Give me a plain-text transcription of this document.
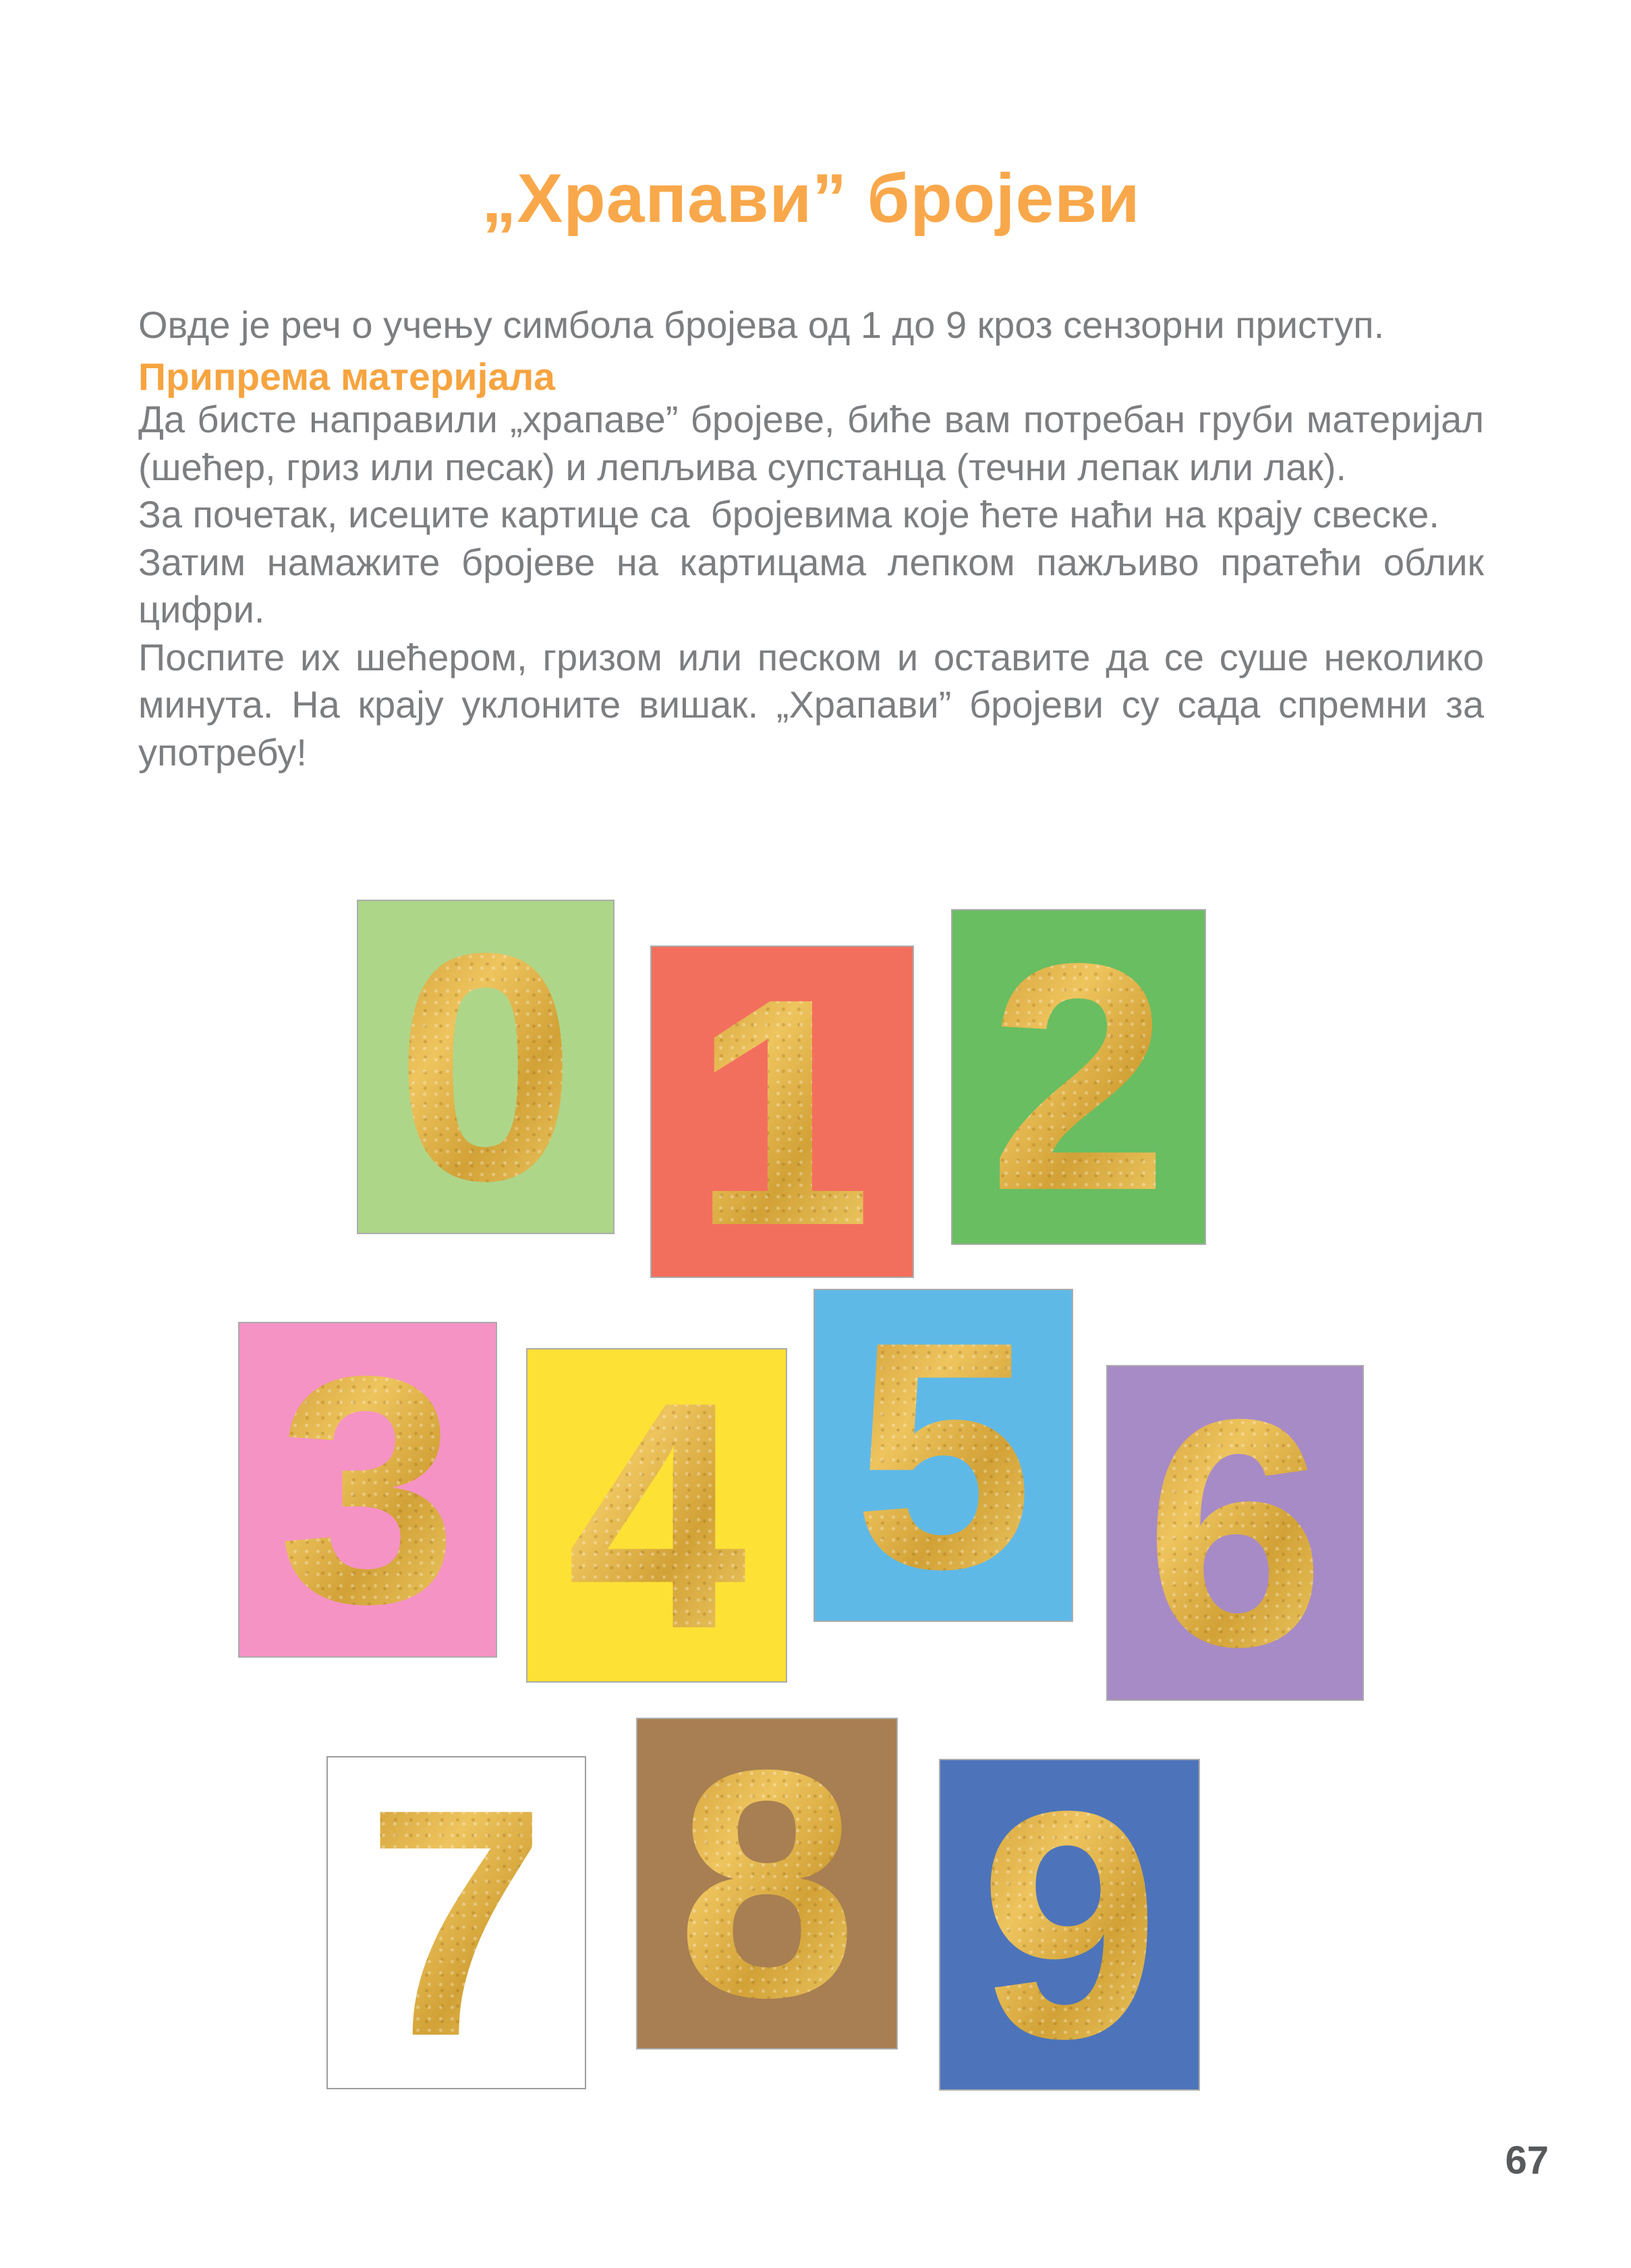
„Храпави” бројеви

Овде је реч о учењу симбола бројева од 1 до 9 кроз сензорни приступ.

Припрема материјала
Да бисте направили „храпаве” бројеве, биће вам потребан груби материјал
(шећер, гриз или песак) и лепљива супстанца (течни лепак или лак).
За почетак, исеците картице са  бројевима које ћете наћи на крају свеске.
Затим намажите бројеве на картицама лепком пажљиво пратећи облик
цифри.
Поспите их шећером, гризом или песком и оставите да се суше неколико
минута. На крају уклоните вишак. „Храпави” бројеви су сада спремни за
употребу!
0 1 2
3 4 5 6
7 8 9
67
